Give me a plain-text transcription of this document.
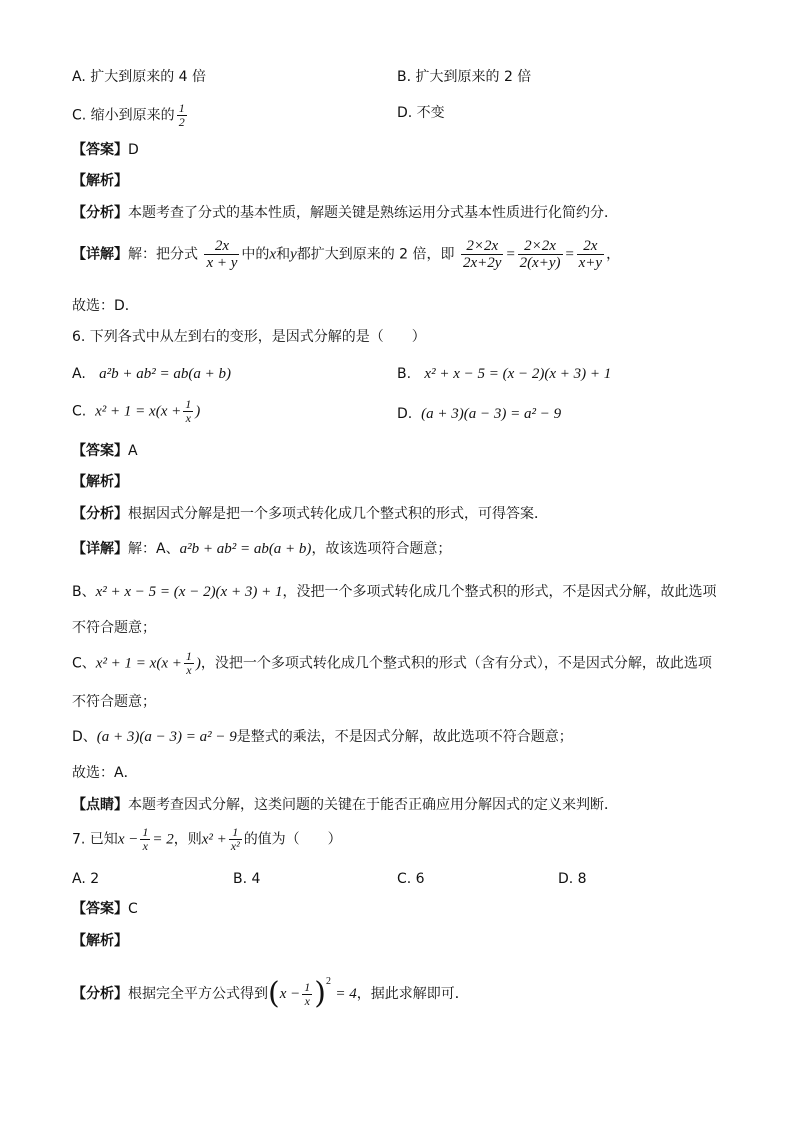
A. 扩大到原来的 4 倍	B. 扩大到原来的 2 倍
C. 缩小到原来的 $\frac{1}{2}$	D. 不变
【答案】D
【解析】
【分析】本题考查了分式的基本性质，解题关键是熟练运用分式基本性质进行化简约分．
【详解】解：把分式 $\frac{2x}{x + y}$ 中的x和y都扩大到原来的 2 倍，即 $\frac{2\times 2x}{2x+2y} = \frac{2\times 2x}{2(x+y)} = \frac{2x}{x+y}$ ，
故选：D．
6. 下列各式中从左到右的变形，是因式分解的是（　　）
A. a²b + ab² = ab(a + b)	B. x² + x − 5 = (x − 2)(x + 3) + 1
C. $x^2 + 1 = x(x + \frac{1}{x}$ )	D. (a + 3)(a − 3) = a² − 9
【答案】A
【解析】
【分析】根据因式分解是把一个多项式转化成几个整式积的形式，可得答案．
【详解】解：A、a²b + ab² = ab(a + b)，故该选项符合题意；
B、x² + x − 5 = (x − 2)(x + 3) + 1，没把一个多项式转化成几个整式积的形式，不是因式分解，故此选项
不符合题意；
C、$x^2 + 1 = x(x + \frac{1}{x}$ )，没把一个多项式转化成几个整式积的形式（含有分式），不是因式分解，故此选项
不符合题意；
D、(a + 3)(a − 3) = a² − 9是整式的乘法，不是因式分解，故此选项不符合题意；
故选：A．
【点睛】本题考查因式分解，这类问题的关键在于能否正确应用分解因式的定义来判断．
7. 已知$x - \frac{1}{x} = 2$，则$x^2 + \frac{1}{\text{x²}}$ 的值为（　　）
A. 2	B. 4	C. 6	D. 8
【答案】C
【解析】
【分析】根据完全平方公式得到$(x - \frac{1}{x} )^2 = 4$，据此求解即可．
